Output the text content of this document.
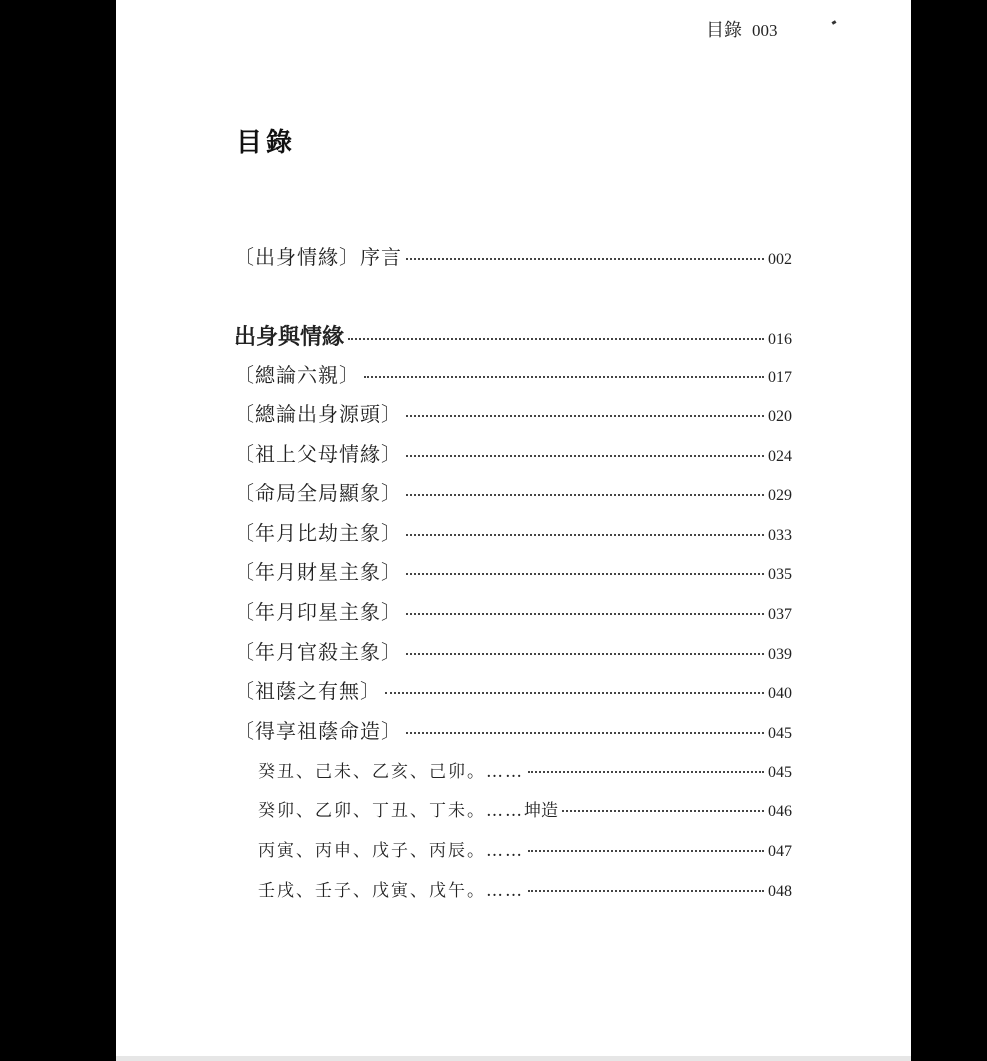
目錄 003
目錄
〔出身情緣〕序言	002
出身與情緣	016
〔總論六親〕	017
〔總論出身源頭〕	020
〔祖上父母情緣〕	024
〔命局全局顯象〕	029
〔年月比劫主象〕	033
〔年月財星主象〕	035
〔年月印星主象〕	037
〔年月官殺主象〕	039
〔祖蔭之有無〕	040
〔得享祖蔭命造〕	045
癸丑、己未、乙亥、己卯。……	045
癸卯、乙卯、丁丑、丁未。…… 坤造	046
丙寅、丙申、戊子、丙辰。……	047
壬戌、壬子、戊寅、戊午。……	048
